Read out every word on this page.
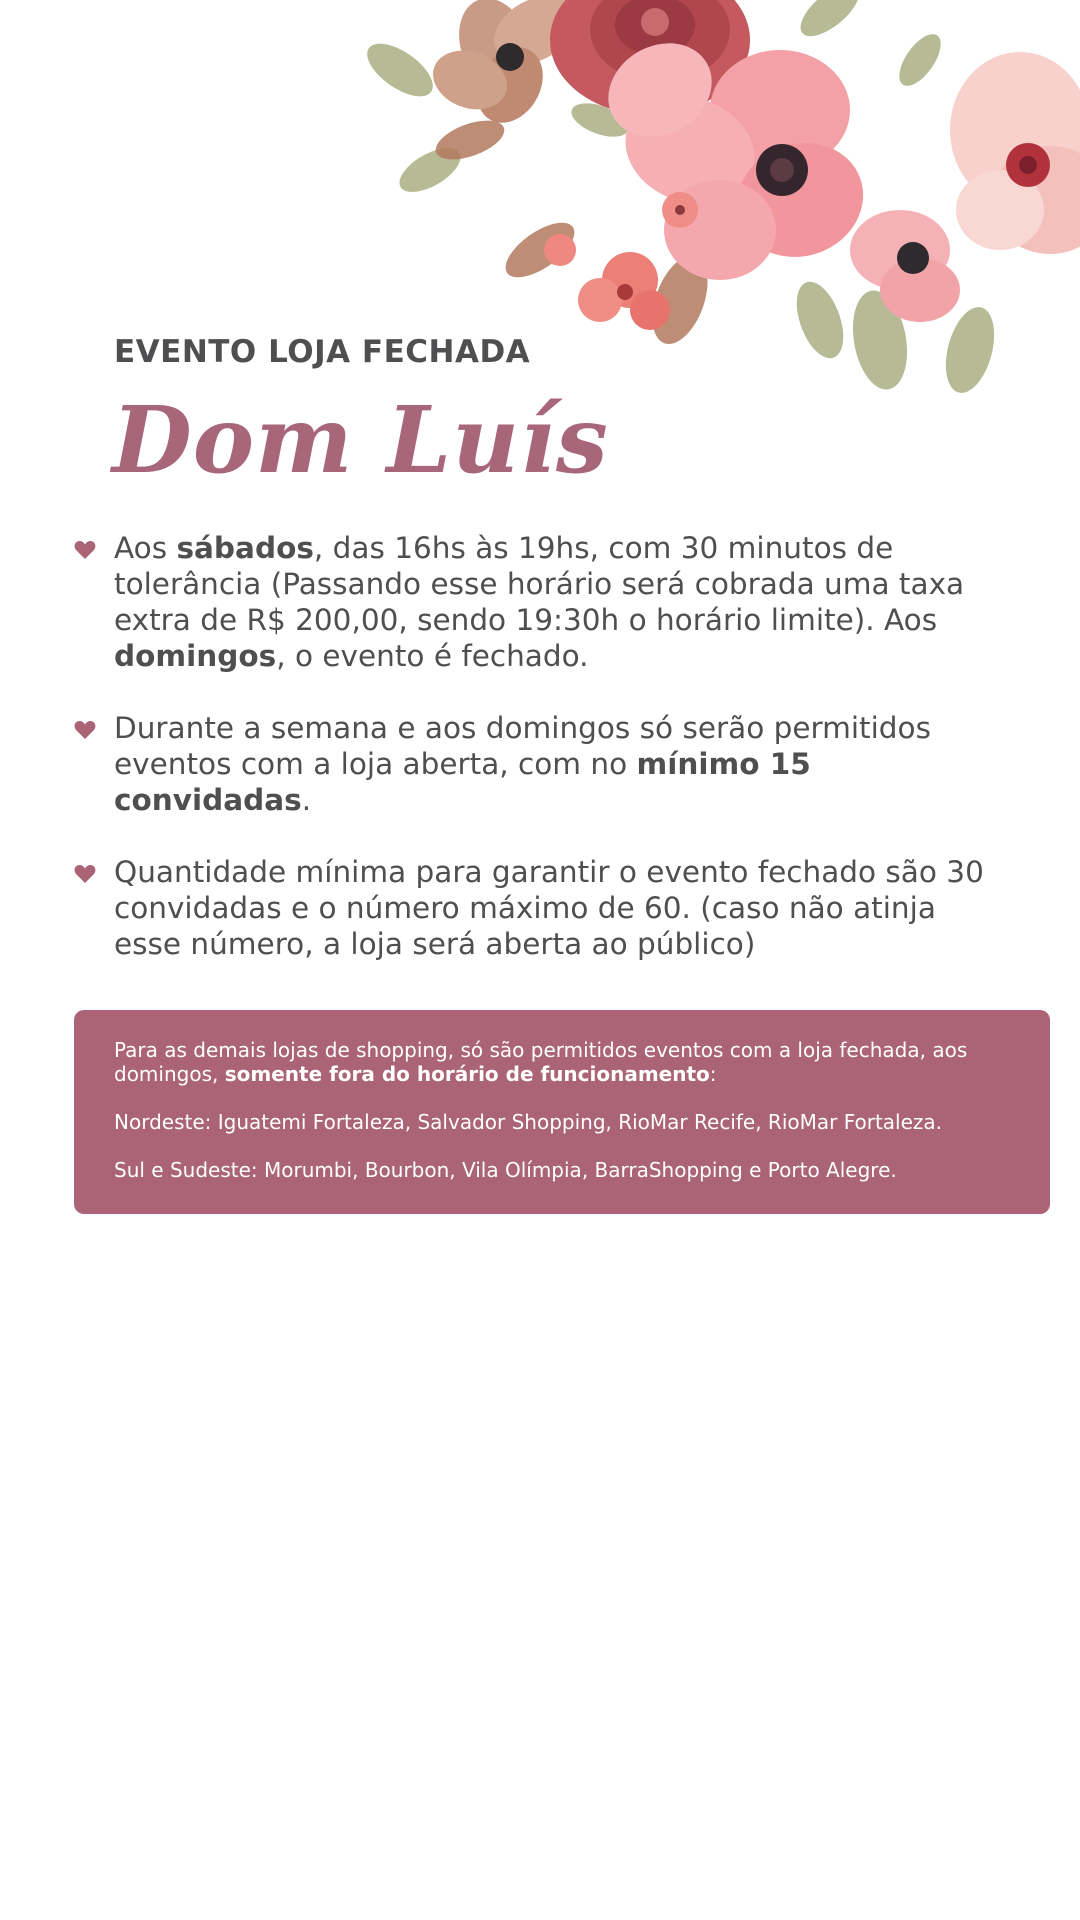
EVENTO LOJA FECHADA
Dom Luís
Aos sábados, das 16hs às 19hs, com 30 minutos de tolerância (Passando esse horário será cobrada uma taxa extra de R$ 200,00, sendo 19:30h o horário limite). Aos domingos, o evento é fechado.
Durante a semana e aos domingos só serão permitidos eventos com a loja aberta, com no mínimo 15 convidadas.
Quantidade mínima para garantir o evento fechado são 30 convidadas e o número máximo de 60. (caso não atinja esse número, a loja será aberta ao público)

Para as demais lojas de shopping, só são permitidos eventos com a loja fechada, aos domingos, somente fora do horário de funcionamento:

Nordeste: Iguatemi Fortaleza, Salvador Shopping, RioMar Recife, RioMar Fortaleza.

Sul e Sudeste: Morumbi, Bourbon, Vila Olímpia, BarraShopping e Porto Alegre.
